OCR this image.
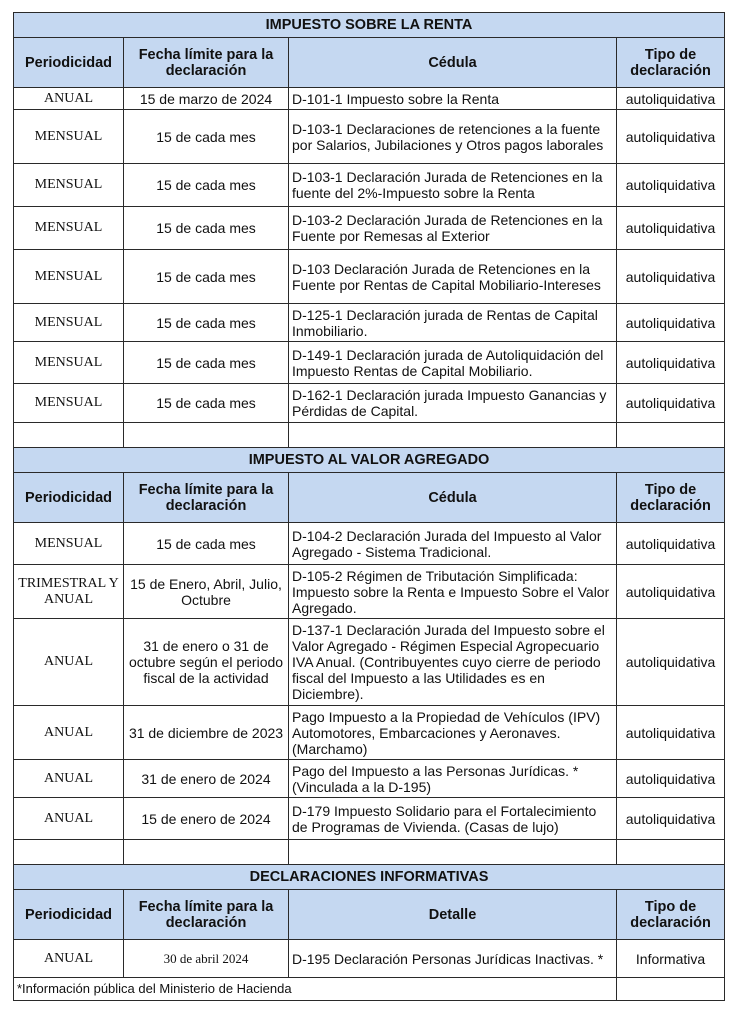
IMPUESTO SOBRE LA RENTA			
Periodicidad	Fecha límite para la declaración	Cédula	Tipo de declaración
ANUAL	15 de marzo de 2024	D-101-1 Impuesto sobre la Renta	autoliquidativa
MENSUAL	15 de cada mes	D-103-1 Declaraciones de retenciones a la fuente por Salarios, Jubilaciones y Otros pagos laborales	autoliquidativa
MENSUAL	15 de cada mes	D-103-1 Declaración Jurada de Retenciones en la fuente del 2%-Impuesto sobre la Renta	autoliquidativa
MENSUAL	15 de cada mes	D-103-2 Declaración Jurada de Retenciones en la Fuente por Remesas al Exterior	autoliquidativa
MENSUAL	15 de cada mes	D-103 Declaración Jurada de Retenciones en la Fuente por Rentas de Capital Mobiliario-Intereses	autoliquidativa
MENSUAL	15 de cada mes	D-125-1 Declaración jurada de Rentas de Capital Inmobiliario.	autoliquidativa
MENSUAL	15 de cada mes	D-149-1 Declaración jurada de Autoliquidación del Impuesto Rentas de Capital Mobiliario.	autoliquidativa
MENSUAL	15 de cada mes	D-162-1 Declaración jurada Impuesto Ganancias y Pérdidas de Capital.	autoliquidativa

IMPUESTO AL VALOR AGREGADO			
Periodicidad	Fecha límite para la declaración	Cédula	Tipo de declaración
MENSUAL	15 de cada mes	D-104-2 Declaración Jurada del Impuesto al Valor Agregado - Sistema Tradicional.	autoliquidativa
TRIMESTRAL Y ANUAL	15 de Enero, Abril, Julio, Octubre	D-105-2 Régimen de Tributación Simplificada: Impuesto sobre la Renta e Impuesto Sobre el Valor Agregado.	autoliquidativa
ANUAL	31 de enero o 31 de octubre según el periodo fiscal de la actividad	D-137-1 Declaración Jurada del Impuesto sobre el Valor Agregado - Régimen Especial Agropecuario IVA Anual. (Contribuyentes cuyo cierre de periodo fiscal del Impuesto a las Utilidades es en Diciembre).	autoliquidativa
ANUAL	31 de diciembre de 2023	Pago Impuesto a la Propiedad de Vehículos (IPV) Automotores, Embarcaciones y Aeronaves. (Marchamo)	autoliquidativa
ANUAL	31 de enero de 2024	Pago del Impuesto a las Personas Jurídicas. * (Vinculada a la D-195)	autoliquidativa
ANUAL	15 de enero de 2024	D-179 Impuesto Solidario para el Fortalecimiento de Programas de Vivienda. (Casas de lujo)	autoliquidativa

DECLARACIONES INFORMATIVAS			
Periodicidad	Fecha límite para la declaración	Detalle	Tipo de declaración
ANUAL	30 de abril 2024	D-195 Declaración Personas Jurídicas Inactivas. *	Informativa
*Información pública del Ministerio de Hacienda			
